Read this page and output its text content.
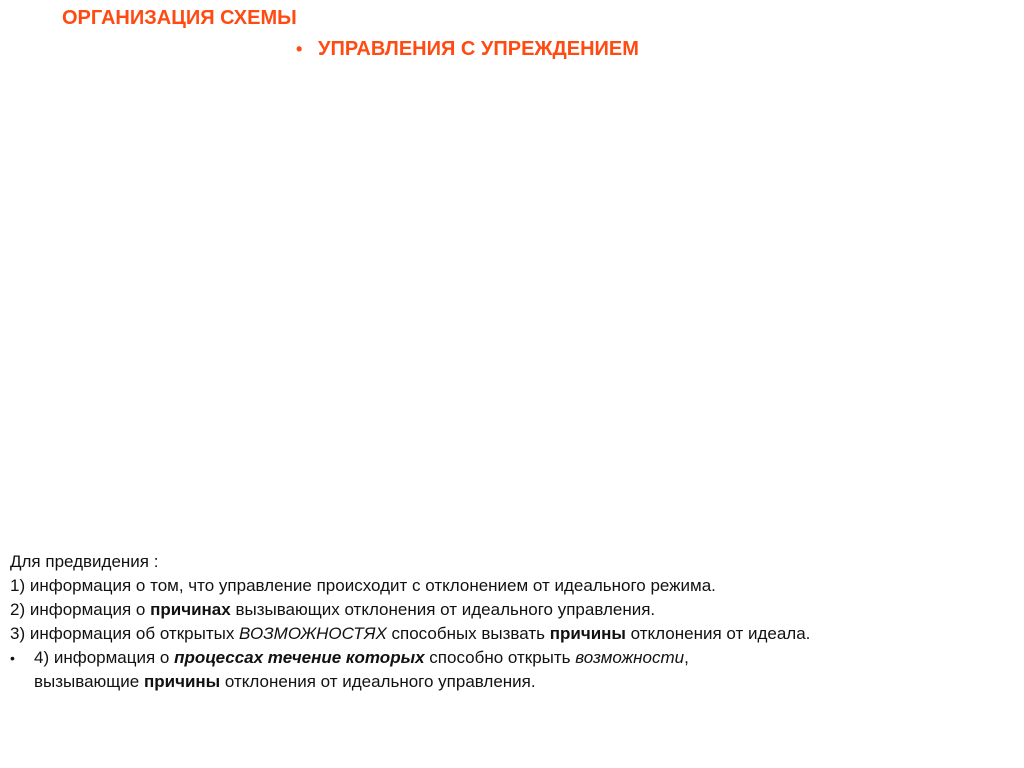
ОРГАНИЗАЦИЯ СХЕМЫ
• УПРАВЛЕНИЯ С УПРЕЖДЕНИЕМ
Для предвидения :
1) информация о том, что управление происходит с отклонением от идеального режима.
2) информация о причинах вызывающих отклонения от идеального управления.
3) информация об открытых ВОЗМОЖНОСТЯХ способных вызвать причины отклонения от идеала.
• 4) информация о процессах течение которых способно открыть возможности,
вызывающие причины отклонения от идеального управления.
